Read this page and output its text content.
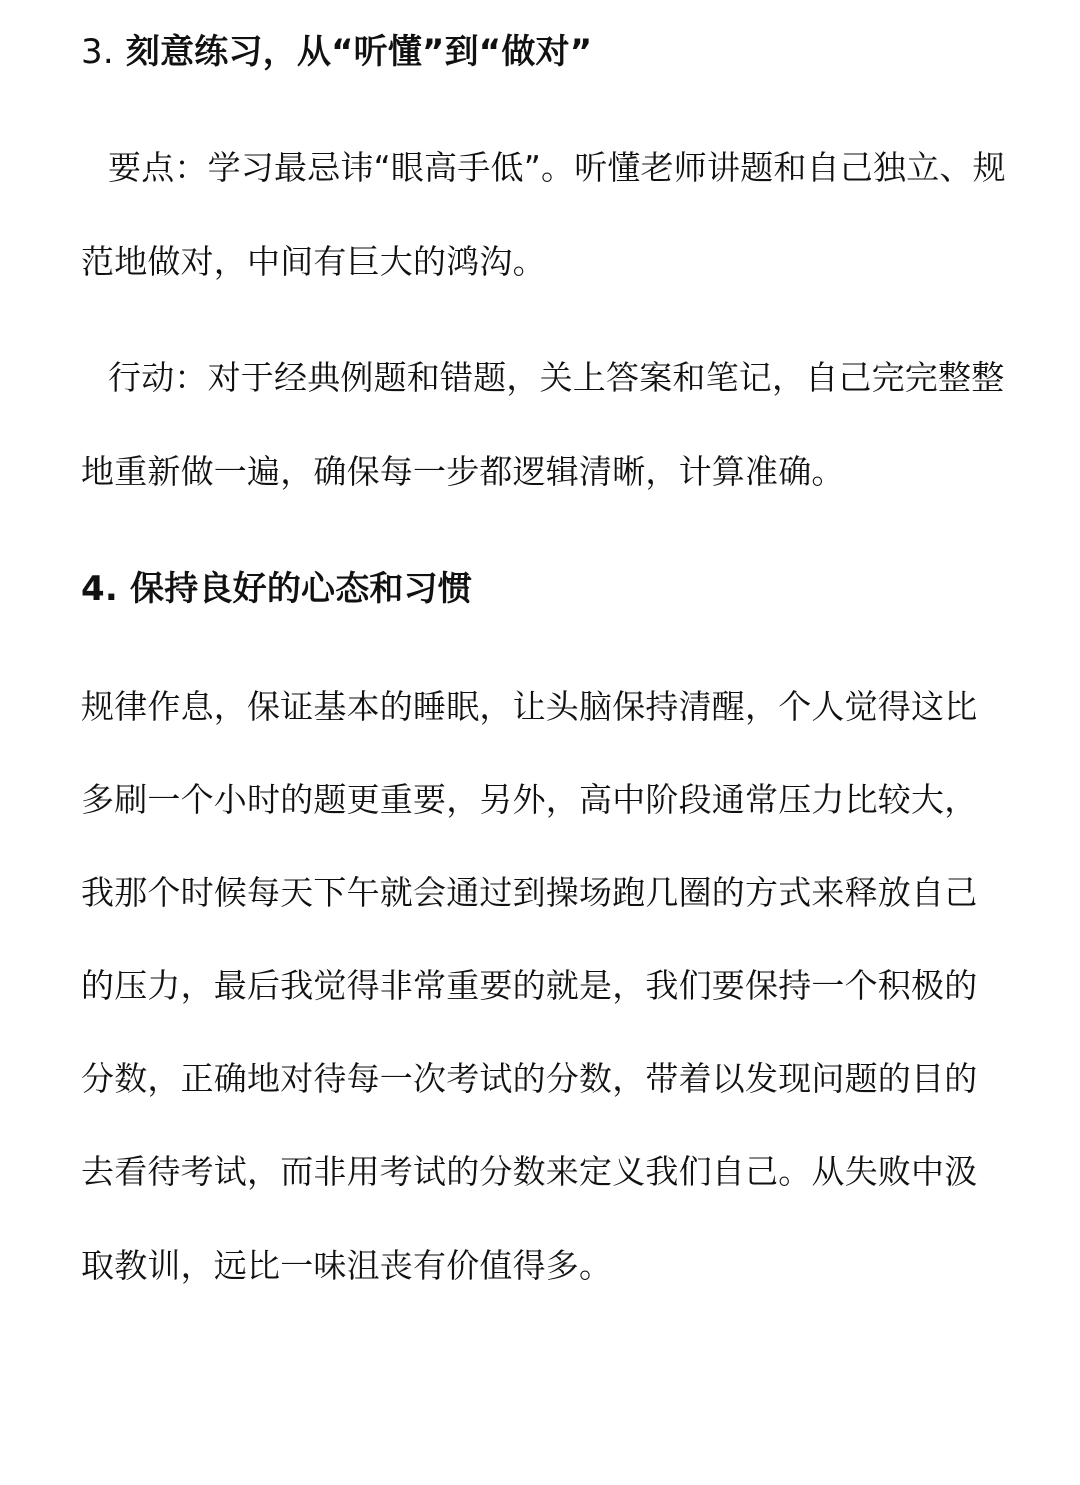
3. 刻意练习，从“听懂”到“做对”
要点：学习最忌讳“眼高手低”。听懂老师讲题和自己独立、规
范地做对，中间有巨大的鸿沟。
行动：对于经典例题和错题，关上答案和笔记，自己完完整整
地重新做一遍，确保每一步都逻辑清晰，计算准确。
4. 保持良好的心态和习惯
规律作息，保证基本的睡眠，让头脑保持清醒，个人觉得这比
多刷一个小时的题更重要，另外，高中阶段通常压力比较大，
我那个时候每天下午就会通过到操场跑几圈的方式来释放自己
的压力，最后我觉得非常重要的就是，我们要保持一个积极的
分数，正确地对待每一次考试的分数，带着以发现问题的目的
去看待考试，而非用考试的分数来定义我们自己。从失败中汲
取教训，远比一味沮丧有价值得多。
